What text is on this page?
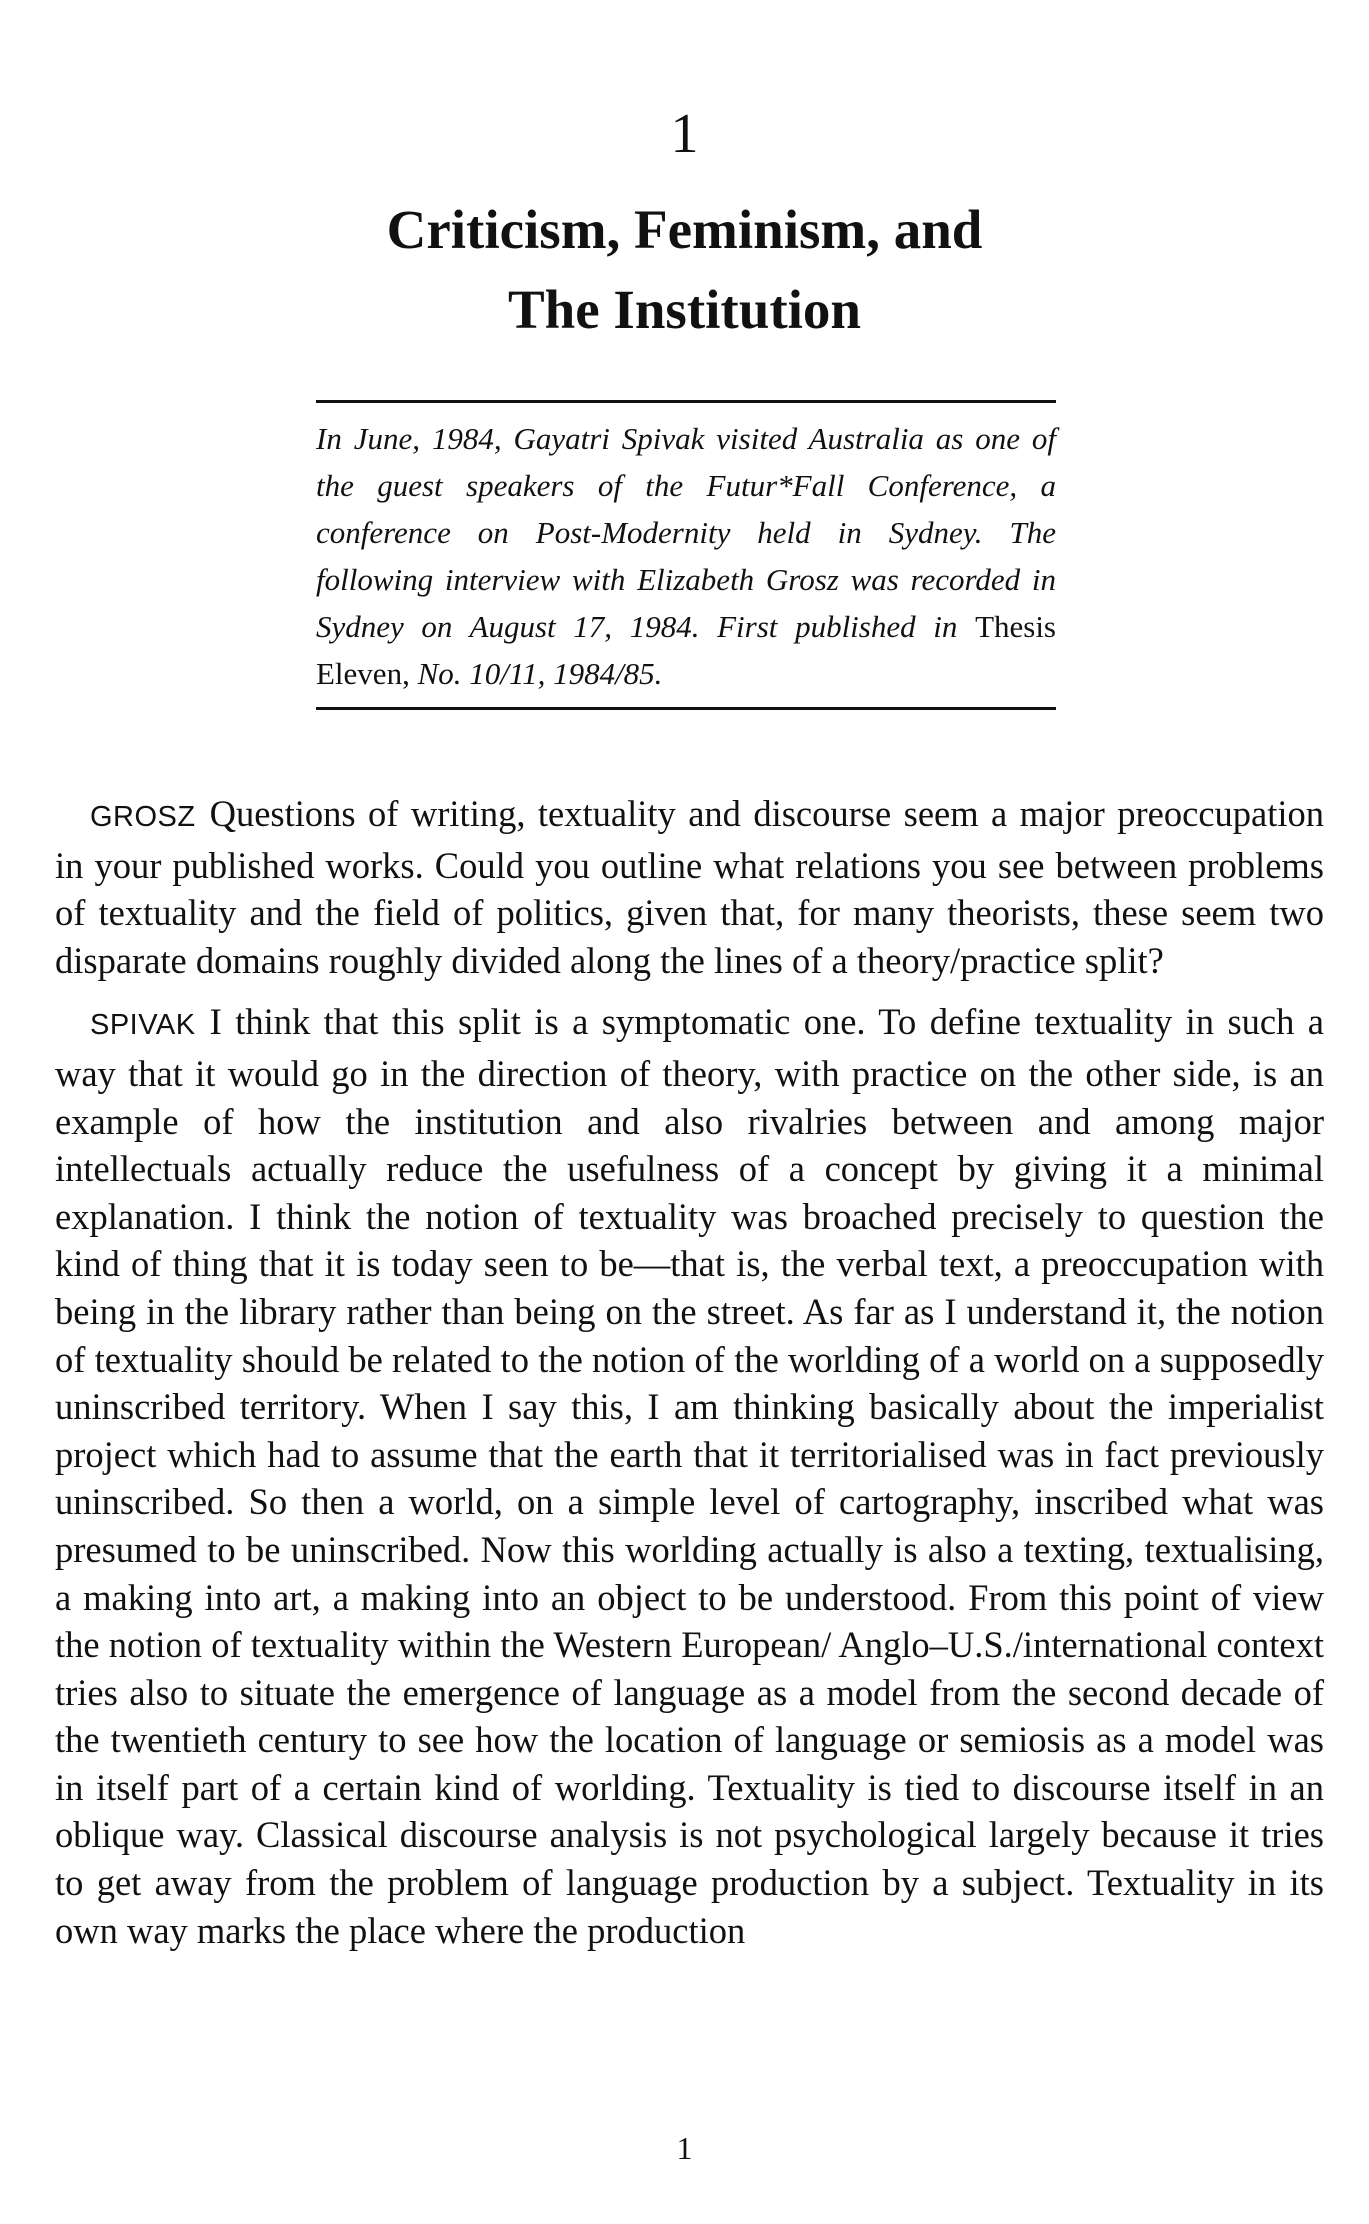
1
Criticism, Feminism, and
The Institution
In June, 1984, Gayatri Spivak visited Australia as one of the guest speakers of the Futur*Fall Conference, a conference on Post-Modernity held in Sydney. The following interview with Elizabeth Grosz was recorded in Sydney on August 17, 1984. First published in Thesis Eleven, No. 10/11, 1984/85.

GROSZ Questions of writing, textuality and discourse seem a major preoccupation in your published works. Could you outline what relations you see between problems of textuality and the field of politics, given that, for many theorists, these seem two disparate domains roughly divided along the lines of a theory/practice split?

SPIVAK I think that this split is a symptomatic one. To define textuality in such a way that it would go in the direction of theory, with practice on the other side, is an example of how the institution and also rivalries between and among major intellectuals actually reduce the usefulness of a concept by giving it a minimal explanation. I think the notion of textuality was broached precisely to question the kind of thing that it is today seen to be—that is, the verbal text, a preoccupation with being in the library rather than being on the street. As far as I understand it, the notion of textuality should be related to the notion of the worlding of a world on a supposedly uninscribed territory. When I say this, I am thinking basically about the imperialist project which had to assume that the earth that it territorialised was in fact previously uninscribed. So then a world, on a simple level of cartography, inscribed what was presumed to be uninscribed. Now this worlding actually is also a texting, textualising, a making into art, a making into an object to be understood. From this point of view the notion of textuality within the Western European/ Anglo–U.S./international context tries also to situate the emergence of language as a model from the second decade of the twentieth century to see how the location of language or semiosis as a model was in itself part of a certain kind of worlding. Textuality is tied to discourse itself in an oblique way. Classical discourse analysis is not psychological largely because it tries to get away from the problem of language production by a subject. Textuality in its own way marks the place where the production

1
